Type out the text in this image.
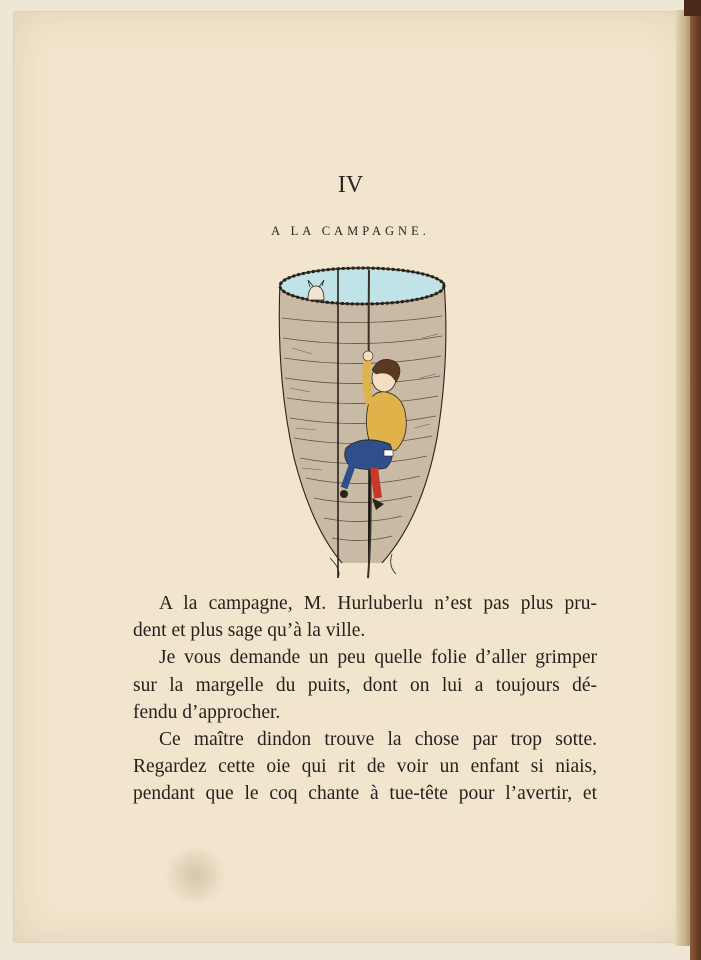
IV
A LA CAMPAGNE.
A la campagne, M. Hurluberlu n’est pas plus pru-
dent et plus sage qu’à la ville.
Je vous demande un peu quelle folie d’aller grimper
sur la margelle du puits, dont on lui a toujours dé-
fendu d’approcher.
Ce maître dindon trouve la chose par trop sotte.
Regardez cette oie qui rit de voir un enfant si niais,
pendant que le coq chante à tue-tête pour l’avertir, et
